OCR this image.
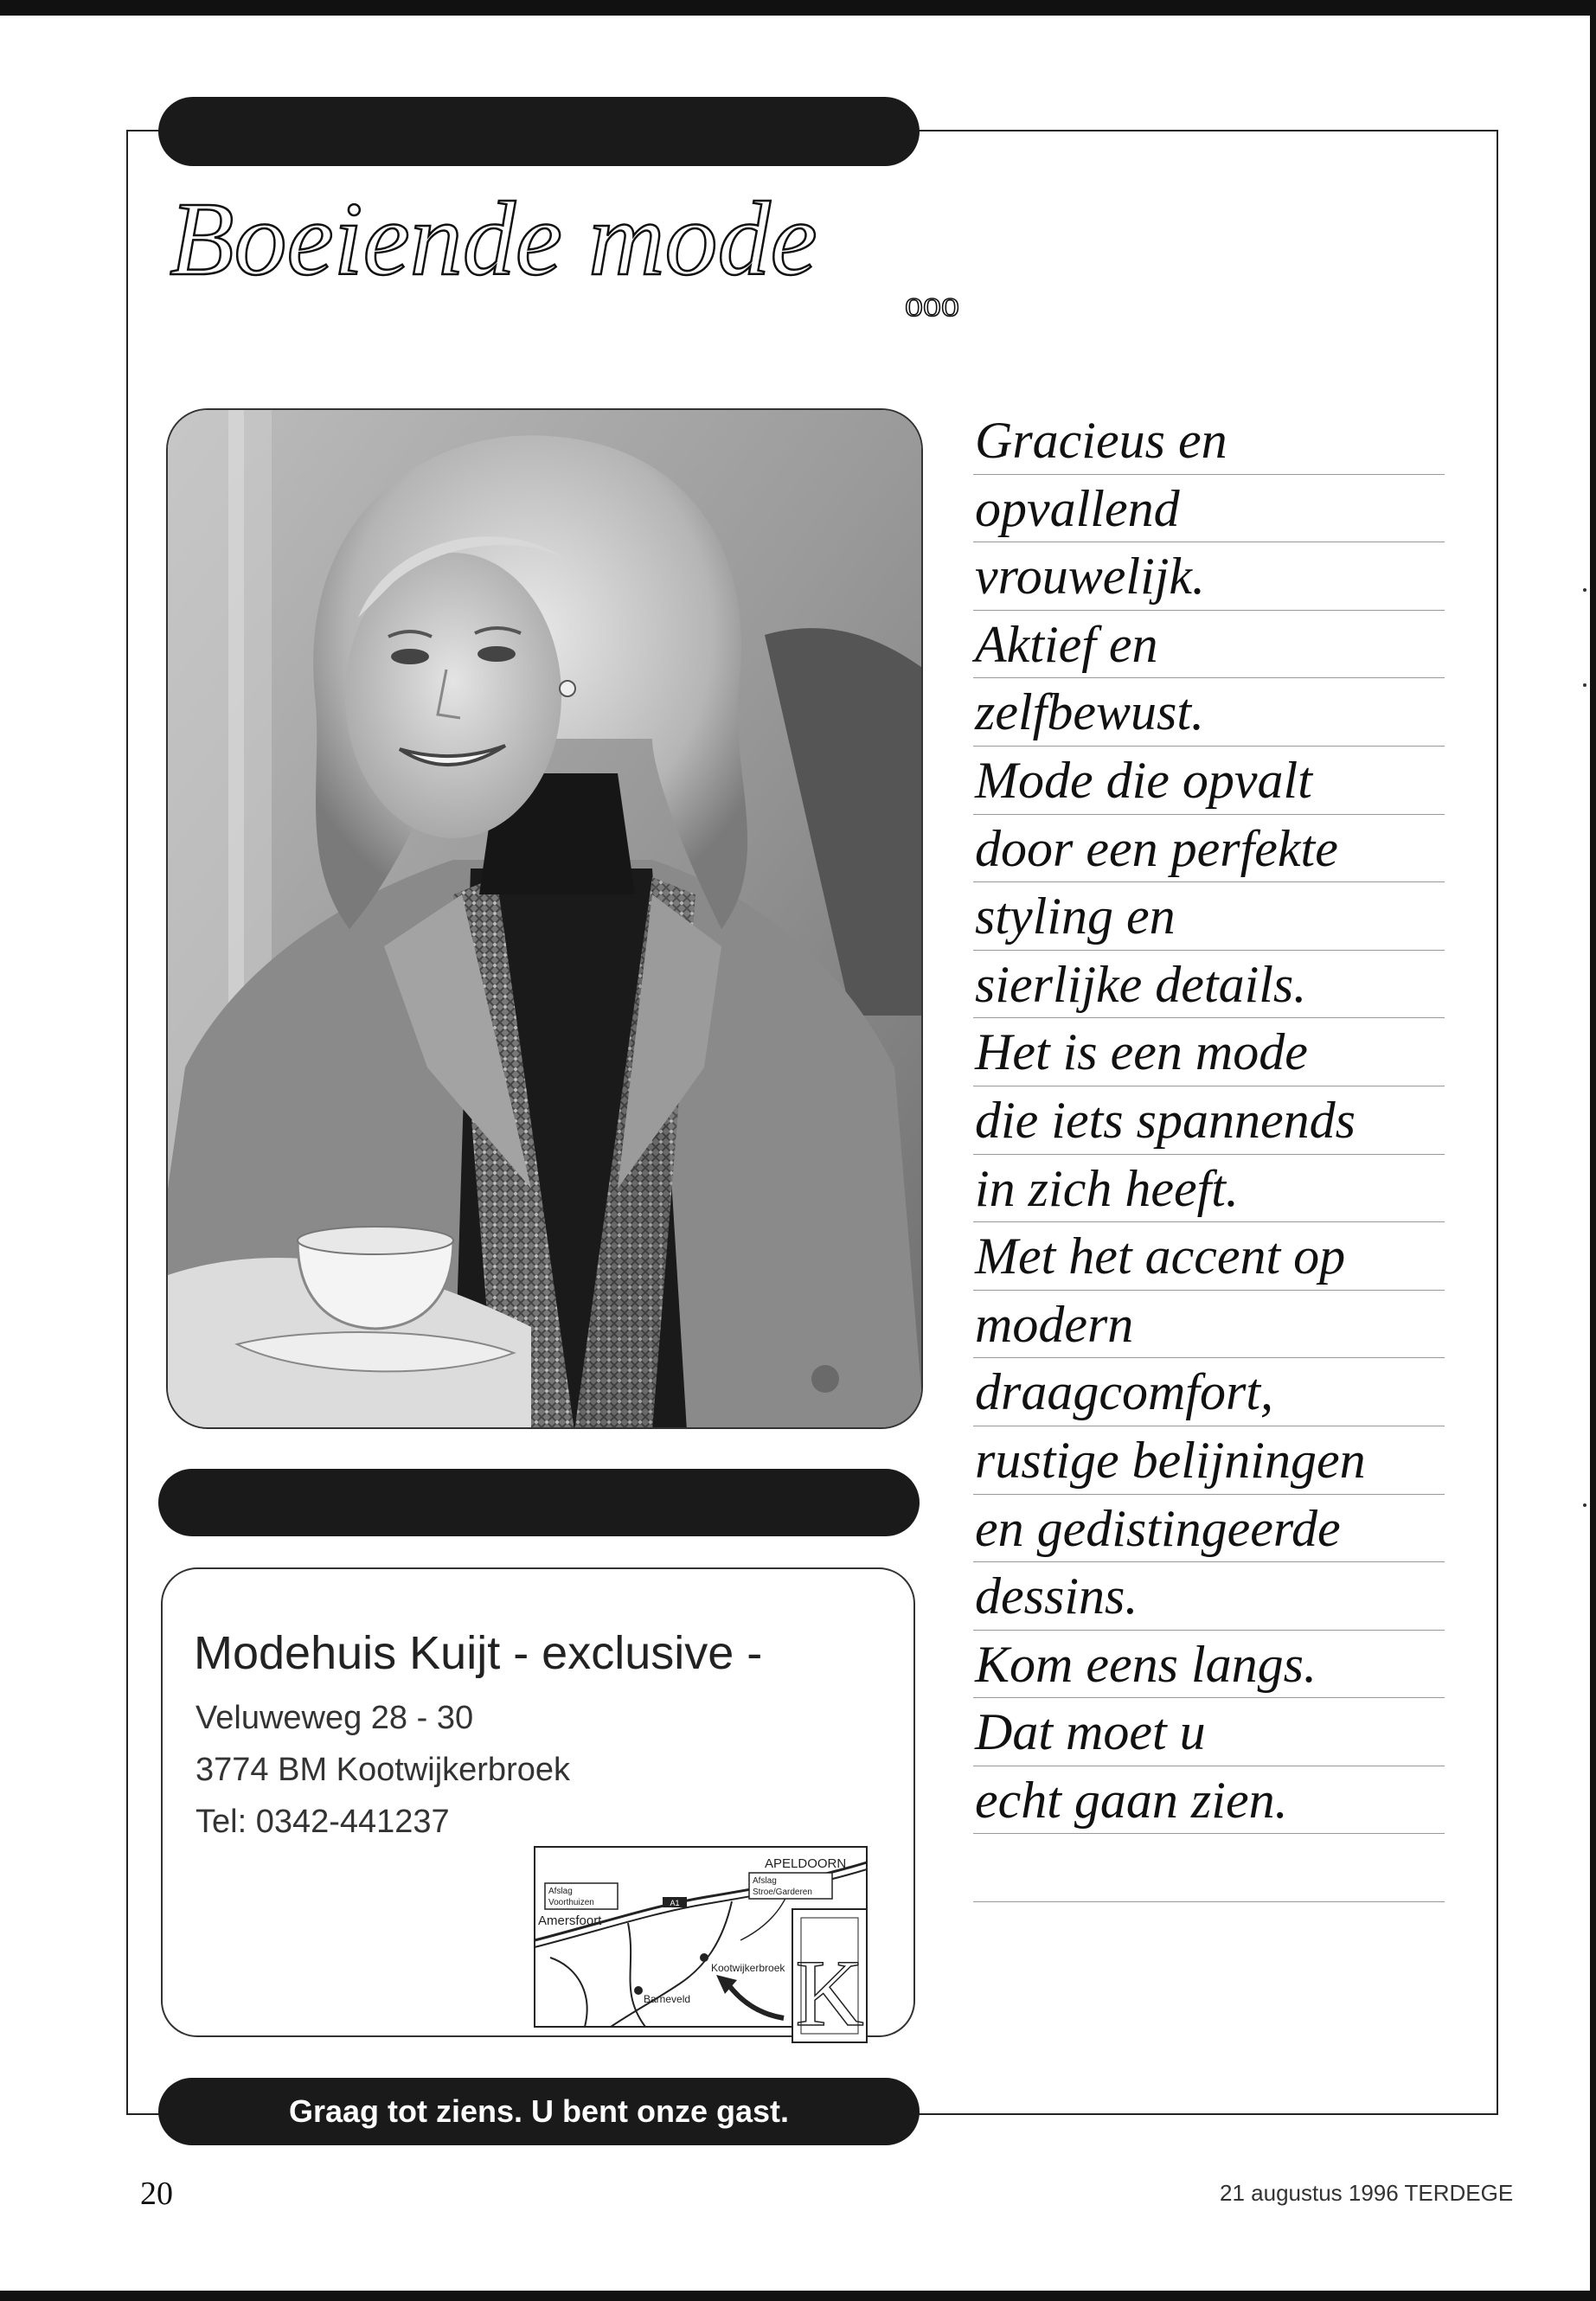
Boeiende mode
ooo
Gracieus en
opvallend
vrouwelijk.
Aktief en
zelfbewust.
Mode die opvalt
door een perfekte
styling en
sierlijke details.
Het is een mode
die iets spannends
in zich heeft.
Met het accent op
modern
draagcomfort,
rustige belijningen
en gedistingeerde
dessins.
Kom eens langs.
Dat moet u
echt gaan zien.
Modehuis Kuijt - exclusive -
Veluweweg 28 - 30
3774 BM Kootwijkerbroek
Tel: 0342-441237
A1
Afslag
Voorthuizen
Amersfoort
APELDOORN
Afslag
Stroe/Garderen
Kootwijkerbroek
Barneveld K
Graag tot ziens. U bent onze gast.
20	21 augustus 1996 TERDEGE
